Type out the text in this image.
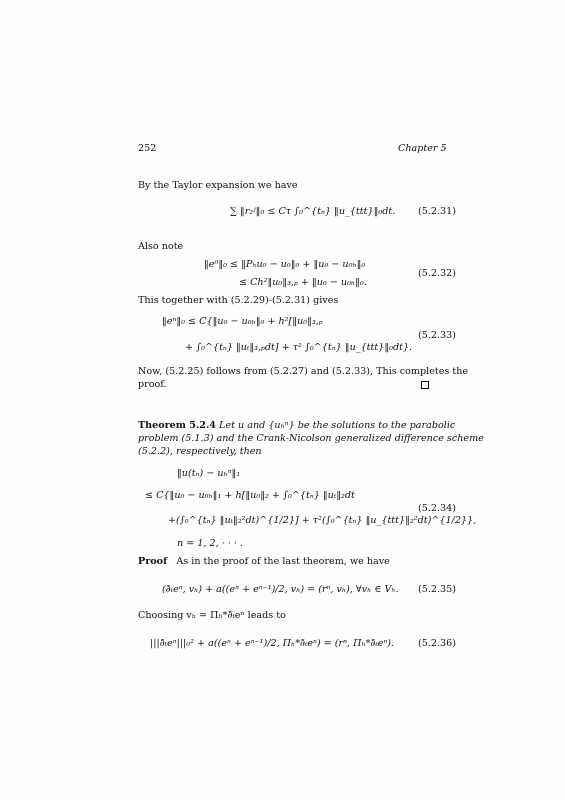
252	Chapter 5
By the Taylor expansion we have
∑ ‖r₂ʲ‖₀ ≤ Cτ ∫₀^{tₙ} ‖u_{ttt}‖₀dt. (5.2.31)
Also note
‖e⁰‖₀ ≤ ‖Pₕu₀ − u₀‖₀ + ‖u₀ − u₀ₕ‖₀
≤ Ch²‖u₀‖₃,ₚ + ‖u₀ − u₀ₕ‖₀.
(5.2.32)
This together with (5.2.29)-(5.2.31) gives
‖eⁿ‖₀ ≤ C{‖u₀ − u₀ₕ‖₀ + h²[‖u₀‖₃,ₚ
+ ∫₀^{tₙ} ‖uₜ‖₃,ₚdt] + τ² ∫₀^{tₙ} ‖u_{ttt}‖₀dt}.
(5.2.33)
Now, (5.2.25) follows from (5.2.27) and (5.2.33), This completes the
proof.
Theorem 5.2.4 Let u and {uₕⁿ} be the solutions to the parabolic
problem (5.1.3) and the Crank-Nicolson generalized difference scheme
(5.2.2), respectively, then
‖u(tₙ) − uₕⁿ‖₁
≤ C{‖u₀ − u₀ₕ‖₁ + h[‖u₀‖₂ + ∫₀^{tₙ} ‖uₜ‖₂dt
+(∫₀^{tₙ} ‖uₜ‖₂²dt)^{1/2}] + τ²(∫₀^{tₙ} ‖u_{ttt}‖₂²dt)^{1/2}},
n = 1, 2, · · · .
(5.2.34)
Proof As in the proof of the last theorem, we have
(∂̄ₜeⁿ, vₕ) + a((eⁿ + eⁿ⁻¹)/2, vₕ) = (rⁿ, vₕ), ∀vₕ ∈ Vₕ. (5.2.35)
Choosing vₕ = Πₕ*∂̄ₜeⁿ leads to
|||∂̄ₜeⁿ|||₀² + a((eⁿ + eⁿ⁻¹)/2, Πₕ*∂̄ₜeⁿ) = (rⁿ, Πₕ*∂̄ₜeⁿ). (5.2.36)
